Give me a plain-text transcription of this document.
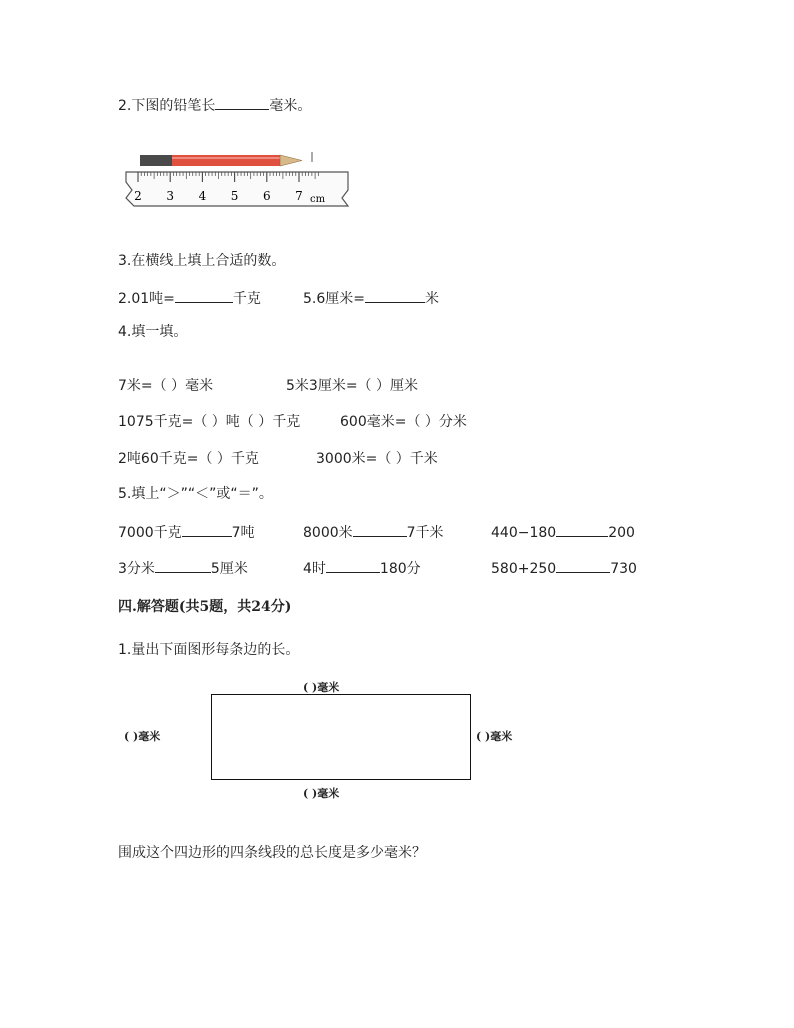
2.下图的铅笔长	毫米。
2 3 4 5 6 7 cm
3.在横线上填上合适的数。
2.01吨=	千克	5.6厘米=	米
4.填一填。
7米=（ ）毫米	5米3厘米=（ ）厘米
1075千克=（ ）吨（ ）千克	600毫米=（ ）分米
2吨60千克=（ ）千克	3000米=（ ）千米
5.填上“＞”“＜”或“＝”。
7000千克	7吨	8000米	7千米	440−180	200
3分米	5厘米	4时	180分	580+250	730
四.解答题(共5题，共24分)
1.量出下面图形每条边的长。
( )毫米
( )毫米	( )毫米
( )毫米
围成这个四边形的四条线段的总长度是多少毫米？
